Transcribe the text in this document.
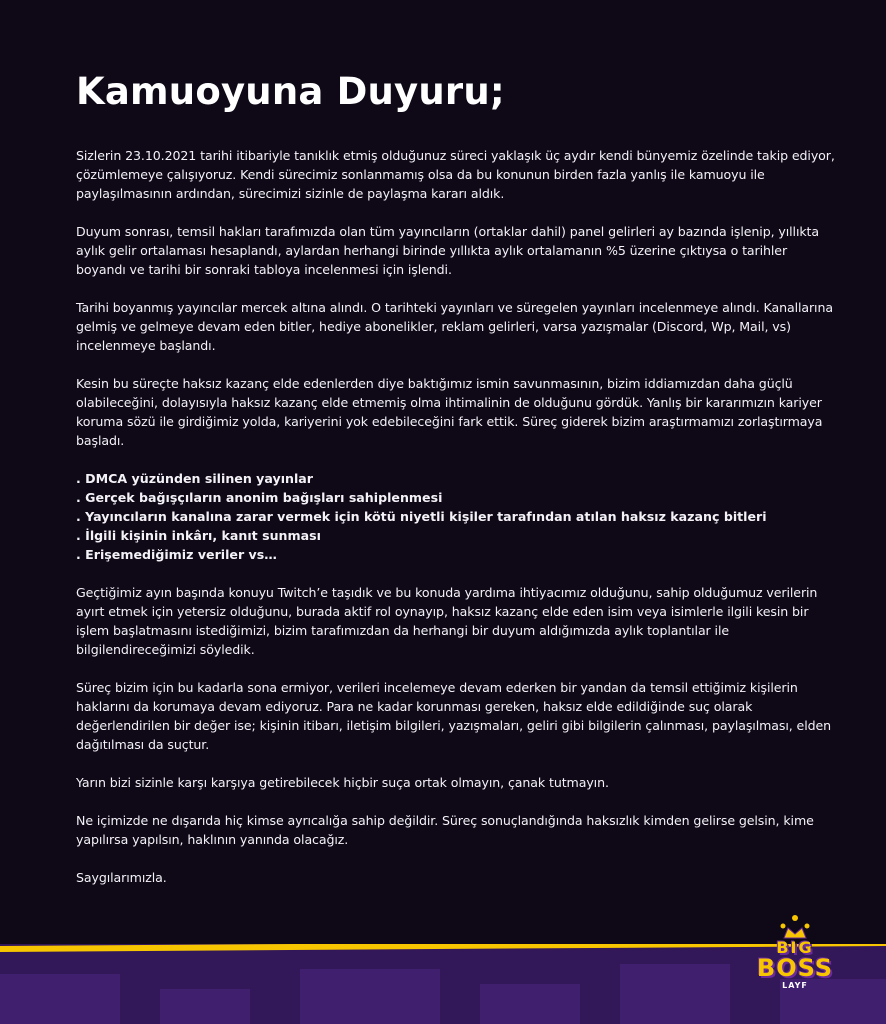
Kamuoyuna Duyuru;

Sizlerin 23.10.2021 tarihi itibariyle tanıklık etmiş olduğunuz süreci yaklaşık üç aydır kendi bünyemiz özelinde takip ediyor, çözümlemeye çalışıyoruz. Kendi sürecimiz sonlanmamış olsa da bu konunun birden fazla yanlış ile kamuoyu ile paylaşılmasının ardından, sürecimizi sizinle de paylaşma kararı aldık.

Duyum sonrası, temsil hakları tarafımızda olan tüm yayıncıların (ortaklar dahil) panel gelirleri ay bazında işlenip, yıllıkta aylık gelir ortalaması hesaplandı, aylardan herhangi birinde yıllıkta aylık ortalamanın %5 üzerine çıktıysa o tarihler boyandı ve tarihi bir sonraki tabloya incelenmesi için işlendi.

Tarihi boyanmış yayıncılar mercek altına alındı. O tarihteki yayınları ve süregelen yayınları incelenmeye alındı. Kanallarına gelmiş ve gelmeye devam eden bitler, hediye abonelikler, reklam gelirleri, varsa yazışmalar (Discord, Wp, Mail, vs) incelenmeye başlandı.

Kesin bu süreçte haksız kazanç elde edenlerden diye baktığımız ismin savunmasının, bizim iddiamızdan daha güçlü olabileceğini, dolayısıyla haksız kazanç elde etmemiş olma ihtimalinin de olduğunu gördük. Yanlış bir kararımızın kariyer koruma sözü ile girdiğimiz yolda, kariyerini yok edebileceğini fark ettik. Süreç giderek bizim araştırmamızı zorlaştırmaya başladı.

. DMCA yüzünden silinen yayınlar
. Gerçek bağışçıların anonim bağışları sahiplenmesi
. Yayıncıların kanalına zarar vermek için kötü niyetli kişiler tarafından atılan haksız kazanç bitleri
. İlgili kişinin inkârı, kanıt sunması
. Erişemediğimiz veriler vs…

Geçtiğimiz ayın başında konuyu Twitch’e taşıdık ve bu konuda yardıma ihtiyacımız olduğunu, sahip olduğumuz verilerin ayırt etmek için yetersiz olduğunu, burada aktif rol oynayıp, haksız kazanç elde eden isim veya isimlerle ilgili kesin bir işlem başlatmasını istediğimizi, bizim tarafımızdan da herhangi bir duyum aldığımızda aylık toplantılar ile bilgilendireceğimizi söyledik.

Süreç bizim için bu kadarla sona ermiyor, verileri incelemeye devam ederken bir yandan da temsil ettiğimiz kişilerin haklarını da korumaya devam ediyoruz. Para ne kadar korunması gereken, haksız elde edildiğinde suç olarak değerlendirilen bir değer ise; kişinin itibarı, iletişim bilgileri, yazışmaları, geliri gibi bilgilerin çalınması, paylaşılması, elden dağıtılması da suçtur.

Yarın bizi sizinle karşı karşıya getirebilecek hiçbir suça ortak olmayın, çanak tutmayın.

Ne içimizde ne dışarıda hiç kimse ayrıcalığa sahip değildir. Süreç sonuçlandığında haksızlık kimden gelirse gelsin, kime yapılırsa yapılsın, haklının yanında olacağız.

Saygılarımızla.

BIG
BOSS
LAYF
